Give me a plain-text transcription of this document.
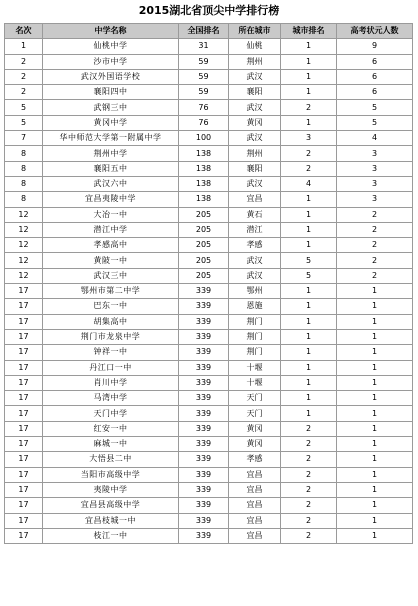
2015湖北省顶尖中学排行榜
名次	中学名称	全国排名	所在城市	城市排名	高考状元人数
1	仙桃中学	31	仙桃	1	9
2	沙市中学	59	荆州	1	6
2	武汉外国语学校	59	武汉	1	6
2	襄阳四中	59	襄阳	1	6
5	武钢三中	76	武汉	2	5
5	黄冈中学	76	黄冈	1	5
7	华中师范大学第一附属中学	100	武汉	3	4
8	荆州中学	138	荆州	2	3
8	襄阳五中	138	襄阳	2	3
8	武汉六中	138	武汉	4	3
8	宜昌夷陵中学	138	宜昌	1	3
12	大冶一中	205	黄石	1	2
12	潜江中学	205	潜江	1	2
12	孝感高中	205	孝感	1	2
12	黄陂一中	205	武汉	5	2
12	武汉三中	205	武汉	5	2
17	鄂州市第二中学	339	鄂州	1	1
17	巴东一中	339	恩施	1	1
17	胡集高中	339	荆门	1	1
17	荆门市龙泉中学	339	荆门	1	1
17	钟祥一中	339	荆门	1	1
17	丹江口一中	339	十堰	1	1
17	肖川中学	339	十堰	1	1
17	马湾中学	339	天门	1	1
17	天门中学	339	天门	1	1
17	红安一中	339	黄冈	2	1
17	麻城一中	339	黄冈	2	1
17	大悟县二中	339	孝感	2	1
17	当阳市高级中学	339	宜昌	2	1
17	夷陵中学	339	宜昌	2	1
17	宜昌县高级中学	339	宜昌	2	1
17	宜昌枝城一中	339	宜昌	2	1
17	枝江一中	339	宜昌	2	1
